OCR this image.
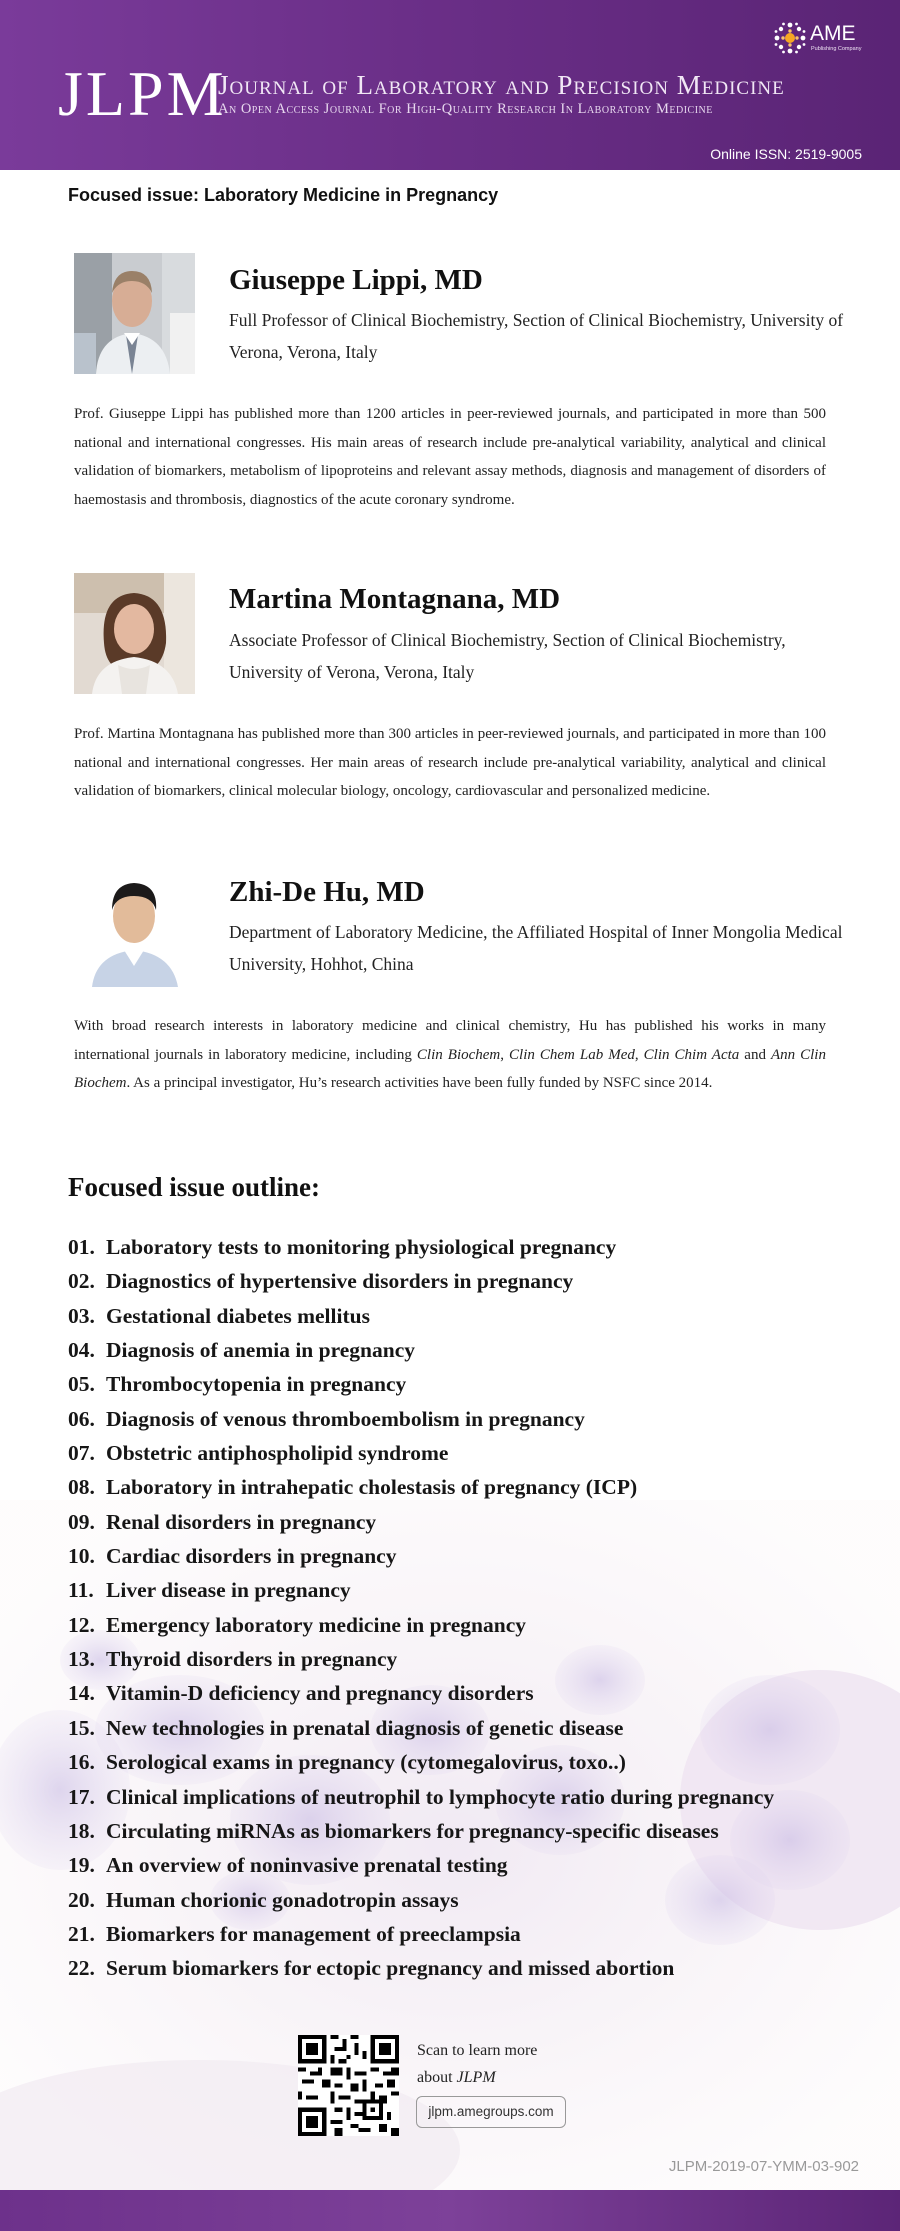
JLPM
Journal of Laboratory and Precision Medicine
An Open Access Journal For High-Quality Research In Laboratory Medicine
AME
Publishing Company
Online ISSN: 2519-9005
Focused issue: Laboratory Medicine in Pregnancy
Giuseppe Lippi, MD
Full Professor of Clinical Biochemistry, Section of Clinical Biochemistry, University of Verona, Verona, Italy
Prof. Giuseppe Lippi has published more than 1200 articles in peer-reviewed journals, and participated in more than 500 national and international congresses. His main areas of research include pre-analytical variability, analytical and clinical validation of biomarkers, metabolism of lipoproteins and relevant assay methods, diagnosis and management of disorders of haemostasis and thrombosis, diagnostics of the acute coronary syndrome.
Martina Montagnana, MD
Associate Professor of Clinical Biochemistry, Section of Clinical Biochemistry, University of Verona, Verona, Italy
Prof. Martina Montagnana has published more than 300 articles in peer-reviewed journals, and participated in more than 100 national and international congresses. Her main areas of research include pre-analytical variability, analytical and clinical validation of biomarkers, clinical molecular biology, oncology, cardiovascular and personalized medicine.
Zhi-De Hu, MD
Department of Laboratory Medicine, the Affiliated Hospital of Inner Mongolia Medical University, Hohhot, China
With broad research interests in laboratory medicine and clinical chemistry, Hu has published his works in many international journals in laboratory medicine, including Clin Biochem, Clin Chem Lab Med, Clin Chim Acta and Ann Clin Biochem. As a principal investigator, Hu’s research activities have been fully funded by NSFC since 2014.
Focused issue outline:
01. Laboratory tests to monitoring physiological pregnancy
02. Diagnostics of hypertensive disorders in pregnancy
03. Gestational diabetes mellitus
04. Diagnosis of anemia in pregnancy
05. Thrombocytopenia in pregnancy
06. Diagnosis of venous thromboembolism in pregnancy
07. Obstetric antiphospholipid syndrome
08. Laboratory in intrahepatic cholestasis of pregnancy (ICP)
09. Renal disorders in pregnancy
10. Cardiac disorders in pregnancy
11. Liver disease in pregnancy
12. Emergency laboratory medicine in pregnancy
13. Thyroid disorders in pregnancy
14. Vitamin-D deficiency and pregnancy disorders
15. New technologies in prenatal diagnosis of genetic disease
16. Serological exams in pregnancy (cytomegalovirus, toxo..)
17. Clinical implications of neutrophil to lymphocyte ratio during pregnancy
18. Circulating miRNAs as biomarkers for pregnancy-specific diseases
19. An overview of noninvasive prenatal testing
20. Human chorionic gonadotropin assays
21. Biomarkers for management of preeclampsia
22. Serum biomarkers for ectopic pregnancy and missed abortion
Scan to learn more
about JLPM
jlpm.amegroups.com
JLPM-2019-07-YMM-03-902
